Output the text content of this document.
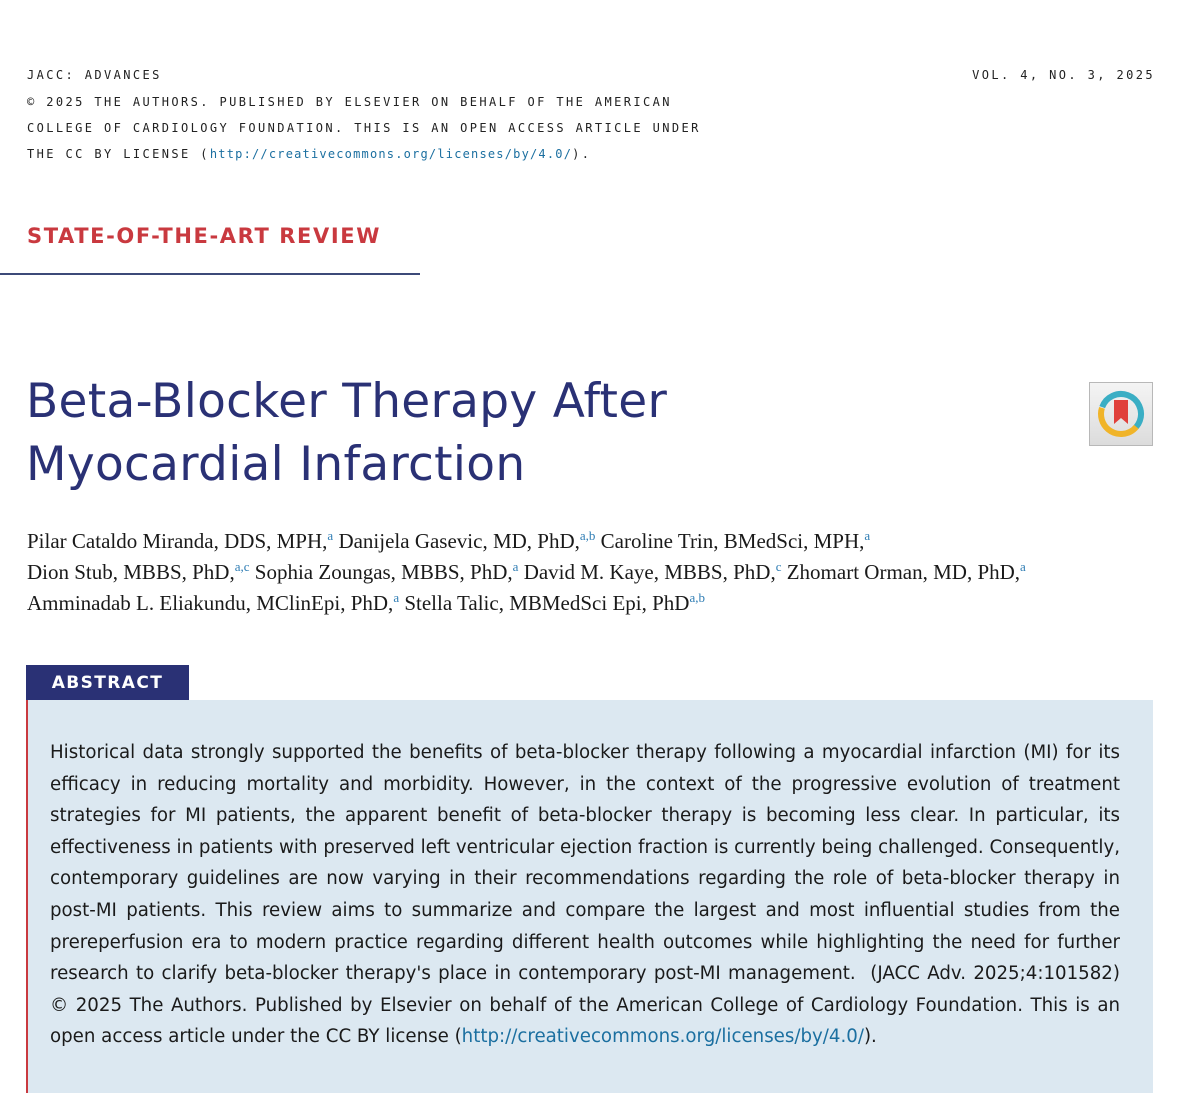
JACC: ADVANCES	VOL. 4, NO. 3, 2025
© 2025 THE AUTHORS. PUBLISHED BY ELSEVIER ON BEHALF OF THE AMERICAN
COLLEGE OF CARDIOLOGY FOUNDATION. THIS IS AN OPEN ACCESS ARTICLE UNDER
THE CC BY LICENSE (http://creativecommons.org/licenses/by/4.0/).
STATE-OF-THE-ART REVIEW
Beta-Blocker Therapy After
Myocardial Infarction
Pilar Cataldo Miranda, DDS, MPH,$^a$ Danijela Gasevic, MD, PhD,$^{a,b}$ Caroline Trin, BMedSci, MPH,$^a$
Dion Stub, MBBS, PhD,$^{a,c}$ Sophia Zoungas, MBBS, PhD,$^a$ David M. Kaye, MBBS, PhD,$^c$ Zhomart Orman, MD, PhD,$^a$
Amminadab L. Eliakundu, MClinEpi, PhD,$^a$ Stella Talic, MBMedSci Epi, PhD$^{a,b}$
ABSTRACT

Historical data strongly supported the benefits of beta-blocker therapy following a myocardial infarction (MI) for its efficacy in reducing mortality and morbidity. However, in the context of the progressive evolution of treatment strategies for MI patients, the apparent benefit of beta-blocker therapy is becoming less clear. In particular, its effectiveness in patients with preserved left ventricular ejection fraction is currently being challenged. Consequently, contemporary guidelines are now varying in their recommendations regarding the role of beta-blocker therapy in post-MI patients. This review aims to summarize and compare the largest and most influential studies from the prereperfusion era to modern practice regarding different health outcomes while highlighting the need for further research to clarify beta-blocker therapy's place in contemporary post-MI management. (JACC Adv. 2025;4:101582) © 2025 The Authors. Published by Elsevier on behalf of the American College of Cardiology Foundation. This is an open access article under the CC BY license (http://creativecommons.org/licenses/by/4.0/).
